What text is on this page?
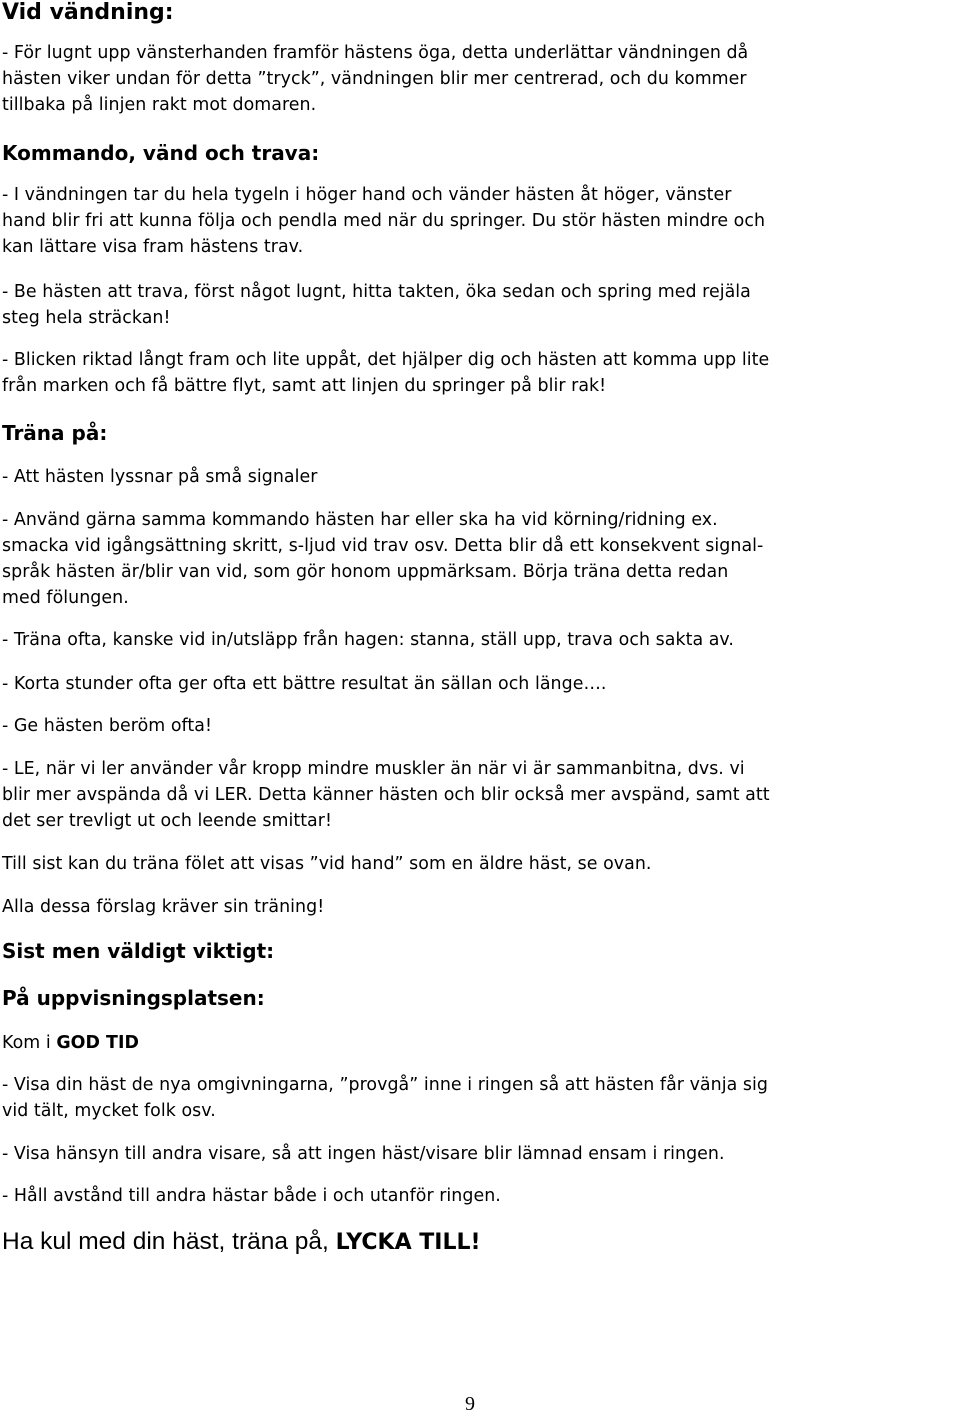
Vid vändning:

- För lugnt upp vänsterhanden framför hästens öga, detta underlättar vändningen då
hästen viker undan för detta ”tryck”, vändningen blir mer centrerad, och du kommer
tillbaka på linjen rakt mot domaren.

Kommando, vänd och trava:

- I vändningen tar du hela tygeln i höger hand och vänder hästen åt höger, vänster
hand blir fri att kunna följa och pendla med när du springer. Du stör hästen mindre och
kan lättare visa fram hästens trav.

- Be hästen att trava, först något lugnt, hitta takten, öka sedan och spring med rejäla
steg hela sträckan!

- Blicken riktad långt fram och lite uppåt, det hjälper dig och hästen att komma upp lite
från marken och få bättre flyt, samt att linjen du springer på blir rak!

Träna på:

- Att hästen lyssnar på små signaler

- Använd gärna samma kommando hästen har eller ska ha vid körning/ridning ex.
smacka vid igångsättning skritt, s-ljud vid trav osv. Detta blir då ett konsekvent signal-
språk hästen är/blir van vid, som gör honom uppmärksam. Börja träna detta redan
med fölungen.

- Träna ofta, kanske vid in/utsläpp från hagen: stanna, ställ upp, trava och sakta av.

- Korta stunder ofta ger ofta ett bättre resultat än sällan och länge….

- Ge hästen beröm ofta!

- LE, när vi ler använder vår kropp mindre muskler än när vi är sammanbitna, dvs. vi
blir mer avspända då vi LER. Detta känner hästen och blir också mer avspänd, samt att
det ser trevligt ut och leende smittar!

Till sist kan du träna fölet att visas ”vid hand” som en äldre häst, se ovan.

Alla dessa förslag kräver sin träning!

Sist men väldigt viktigt:
På uppvisningsplatsen:

Kom i GOD TID

- Visa din häst de nya omgivningarna, ”provgå” inne i ringen så att hästen får vänja sig
vid tält, mycket folk osv.

- Visa hänsyn till andra visare, så att ingen häst/visare blir lämnad ensam i ringen.

- Håll avstånd till andra hästar både i och utanför ringen.

Ha kul med din häst, träna på, LYCKA TILL!

9
